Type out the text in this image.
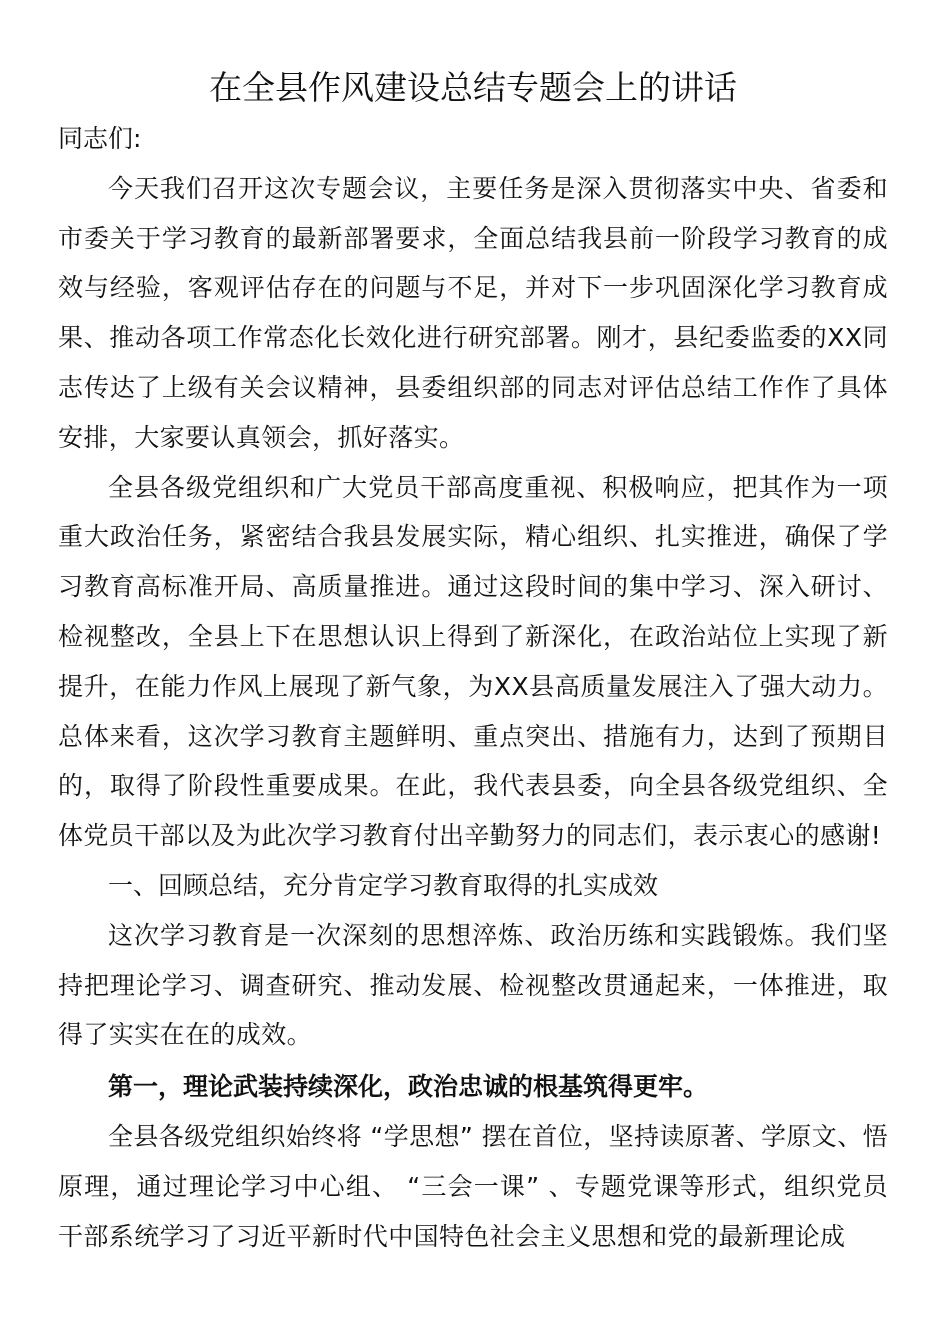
在全县作风建设总结专题会上的讲话

同志们:

今天我们召开这次专题会议，主要任务是深入贯彻落实中央、省委和市委关于学习教育的最新部署要求，全面总结我县前一阶段学习教育的成效与经验，客观评估存在的问题与不足，并对下一步巩固深化学习教育成果、推动各项工作常态化长效化进行研究部署。刚才，县纪委监委的XX同志传达了上级有关会议精神，县委组织部的同志对评估总结工作作了具体安排，大家要认真领会，抓好落实。

全县各级党组织和广大党员干部高度重视、积极响应，把其作为一项重大政治任务，紧密结合我县发展实际，精心组织、扎实推进，确保了学习教育高标准开局、高质量推进。通过这段时间的集中学习、深入研讨、检视整改，全县上下在思想认识上得到了新深化，在政治站位上实现了新提升，在能力作风上展现了新气象，为XX县高质量发展注入了强大动力。总体来看，这次学习教育主题鲜明、重点突出、措施有力，达到了预期目的，取得了阶段性重要成果。在此，我代表县委，向全县各级党组织、全体党员干部以及为此次学习教育付出辛勤努力的同志们，表示衷心的感谢!

一、回顾总结，充分肯定学习教育取得的扎实成效

这次学习教育是一次深刻的思想淬炼、政治历练和实践锻炼。我们坚持把理论学习、调查研究、推动发展、检视整改贯通起来，一体推进，取得了实实在在的成效。

第一，理论武装持续深化，政治忠诚的根基筑得更牢。

全县各级党组织始终将 “学思想” 摆在首位，坚持读原著、学原文、悟原理，通过理论学习中心组、 “三会一课” 、专题党课等形式，组织党员干部系统学习了习近平新时代中国特色社会主义思想和党的最新理论成
